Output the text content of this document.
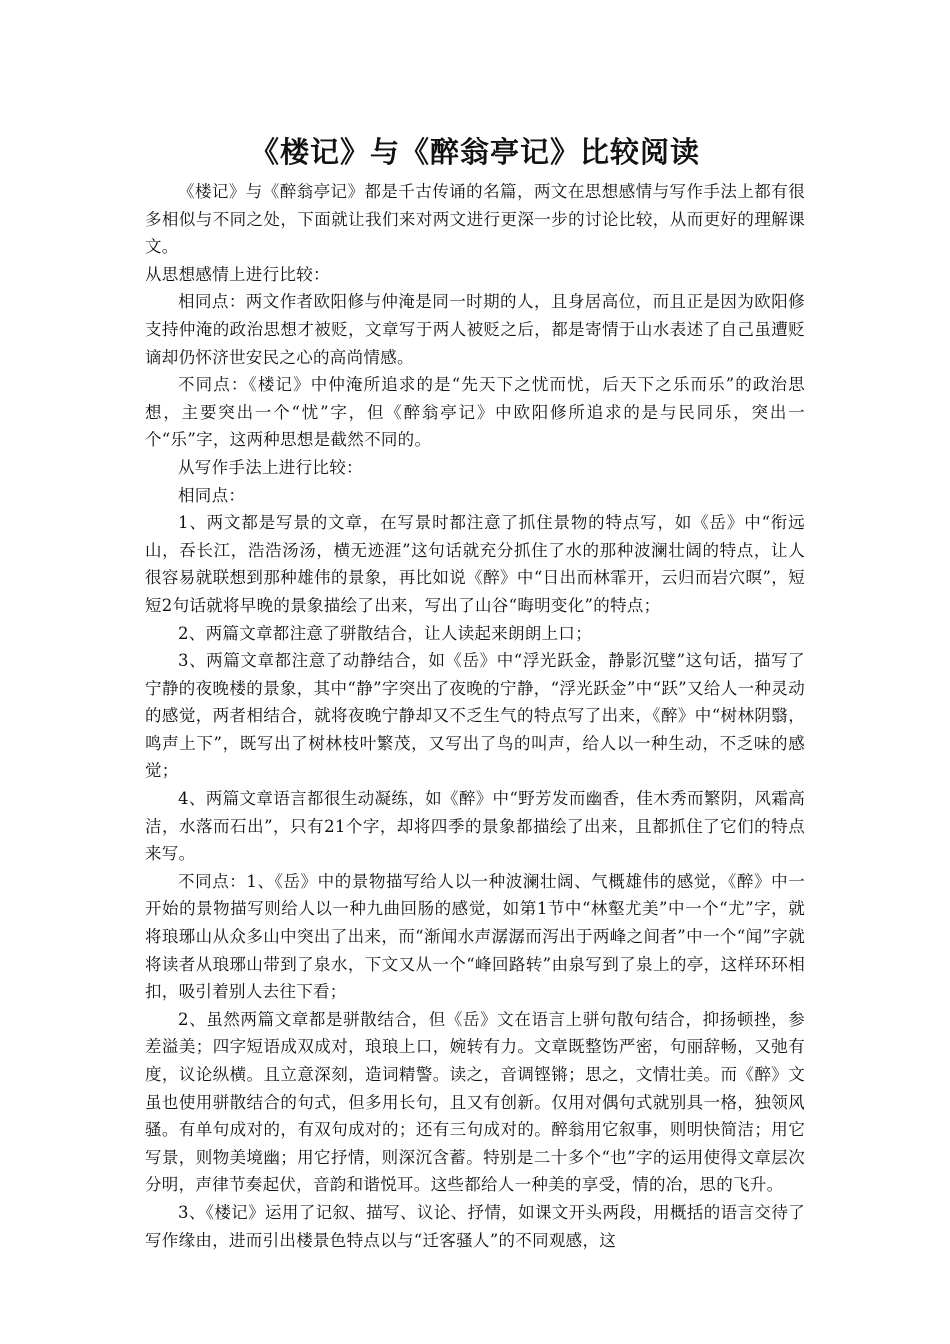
《楼记》与《醉翁亭记》比较阅读

《楼记》与《醉翁亭记》都是千古传诵的名篇，两文在思想感情与写作手法上都有很多相似与不同之处，下面就让我们来对两文进行更深一步的讨论比较，从而更好的理解课文。

从思想感情上进行比较：

相同点：两文作者欧阳修与仲淹是同一时期的人，且身居高位，而且正是因为欧阳修支持仲淹的政治思想才被贬，文章写于两人被贬之后，都是寄情于山水表述了自己虽遭贬谪却仍怀济世安民之心的高尚情感。

不同点：《楼记》中仲淹所追求的是“先天下之忧而忧，后天下之乐而乐”的政治思想，主要突出一个“忧”字，但《醉翁亭记》中欧阳修所追求的是与民同乐，突出一个“乐”字，这两种思想是截然不同的。

从写作手法上进行比较：

相同点：

1、两文都是写景的文章，在写景时都注意了抓住景物的特点写，如《岳》中“衔远山，吞长江，浩浩汤汤，横无迹涯”这句话就充分抓住了水的那种波澜壮阔的特点，让人很容易就联想到那种雄伟的景象，再比如说《醉》中“日出而林霏开，云归而岩穴暝”，短短2句话就将早晚的景象描绘了出来，写出了山谷“晦明变化”的特点；

2、两篇文章都注意了骈散结合，让人读起来朗朗上口；

3、两篇文章都注意了动静结合，如《岳》中“浮光跃金，静影沉璧”这句话，描写了宁静的夜晚楼的景象，其中“静”字突出了夜晚的宁静，“浮光跃金”中“跃”又给人一种灵动的感觉，两者相结合，就将夜晚宁静却又不乏生气的特点写了出来，《醉》中“树林阴翳，鸣声上下”，既写出了树林枝叶繁茂，又写出了鸟的叫声，给人以一种生动，不乏味的感觉；

4、两篇文章语言都很生动凝练，如《醉》中“野芳发而幽香，佳木秀而繁阴，风霜高洁，水落而石出”，只有21个字，却将四季的景象都描绘了出来，且都抓住了它们的特点来写。

不同点：1、《岳》中的景物描写给人以一种波澜壮阔、气概雄伟的感觉，《醉》中一开始的景物描写则给人以一种九曲回肠的感觉，如第1节中“林壑尤美”中一个“尤”字，就将琅琊山从众多山中突出了出来，而“渐闻水声潺潺而泻出于两峰之间者”中一个“闻”字就将读者从琅琊山带到了泉水，下文又从一个“峰回路转”由泉写到了泉上的亭，这样环环相扣，吸引着别人去往下看；

2、虽然两篇文章都是骈散结合，但《岳》文在语言上骈句散句结合，抑扬顿挫，参差溢美；四字短语成双成对，琅琅上口，婉转有力。文章既整饬严密，句丽辞畅，又弛有度，议论纵横。且立意深刻，造词精警。读之，音调铿锵；思之，文情壮美。而《醉》文虽也使用骈散结合的句式，但多用长句，且又有创新。仅用对偶句式就别具一格，独领风骚。有单句成对的，有双句成对的；还有三句成对的。醉翁用它叙事，则明快简洁；用它写景，则物美境幽；用它抒情，则深沉含蓄。特别是二十多个“也”字的运用使得文章层次分明，声律节奏起伏，音韵和谐悦耳。这些都给人一种美的享受，情的冶，思的飞升。

3、《楼记》运用了记叙、描写、议论、抒情，如课文开头两段，用概括的语言交待了写作缘由，进而引出楼景色特点以与“迁客骚人”的不同观感，这
